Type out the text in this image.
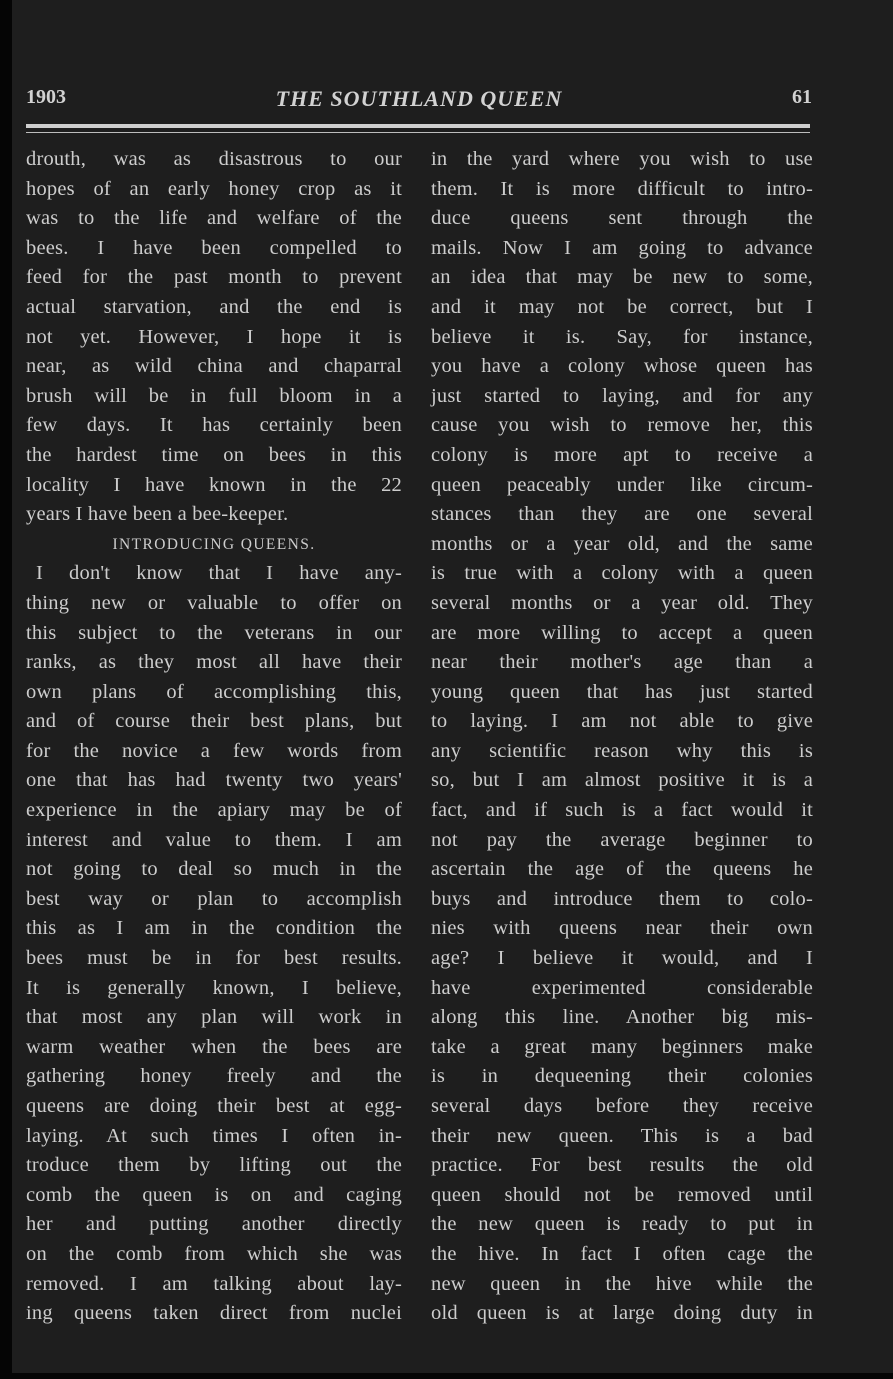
1903	THE SOUTHLAND QUEEN	61
drouth, was as disastrous to our
hopes of an early honey crop as it
was to the life and welfare of the
bees. I have been compelled to
feed for the past month to prevent
actual starvation, and the end is
not yet. However, I hope it is
near, as wild china and chaparral
brush will be in full bloom in a
few days. It has certainly been
the hardest time on bees in this
locality I have known in the 22
years I have been a bee-keeper.
INTRODUCING QUEENS.
I don't know that I have any-
thing new or valuable to offer on
this subject to the veterans in our
ranks, as they most all have their
own plans of accomplishing this,
and of course their best plans, but
for the novice a few words from
one that has had twenty two years'
experience in the apiary may be of
interest and value to them. I am
not going to deal so much in the
best way or plan to accomplish
this as I am in the condition the
bees must be in for best results.
It is generally known, I believe,
that most any plan will work in
warm weather when the bees are
gathering honey freely and the
queens are doing their best at egg-
laying. At such times I often in-
troduce them by lifting out the
comb the queen is on and caging
her and putting another directly
on the comb from which she was
removed. I am talking about lay-
ing queens taken direct from nuclei
in the yard where you wish to use
them. It is more difficult to intro-
duce queens sent through the
mails. Now I am going to advance
an idea that may be new to some,
and it may not be correct, but I
believe it is. Say, for instance,
you have a colony whose queen has
just started to laying, and for any
cause you wish to remove her, this
colony is more apt to receive a
queen peaceably under like circum-
stances than they are one several
months or a year old, and the same
is true with a colony with a queen
several months or a year old. They
are more willing to accept a queen
near their mother's age than a
young queen that has just started
to laying. I am not able to give
any scientific reason why this is
so, but I am almost positive it is a
fact, and if such is a fact would it
not pay the average beginner to
ascertain the age of the queens he
buys and introduce them to colo-
nies with queens near their own
age? I believe it would, and I
have experimented considerable
along this line. Another big mis-
take a great many beginners make
is in dequeening their colonies
several days before they receive
their new queen. This is a bad
practice. For best results the old
queen should not be removed until
the new queen is ready to put in
the hive. In fact I often cage the
new queen in the hive while the
old queen is at large doing duty in
